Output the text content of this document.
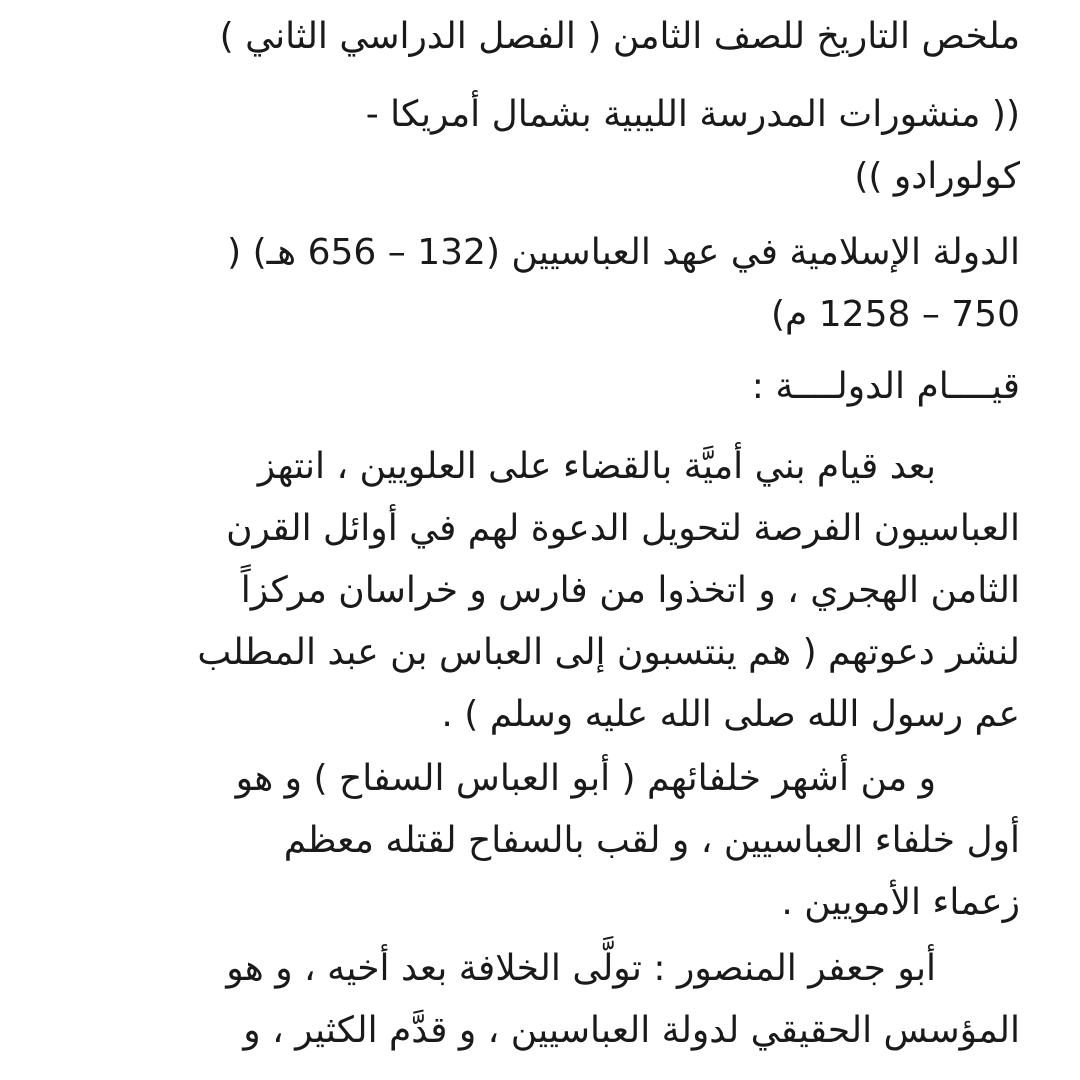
ملخص التاريخ للصف الثامن ( الفصل الدراسي الثاني )
(( منشورات المدرسة الليبية بشمال أمريكا -
كولورادو ))
الدولة الإسلامية في عهد العباسيين (132 – 656 هـ) (
750 – 1258 م)
قيــــام الدولــــة :
بعد قيام بني أميَّة بالقضاء على العلويين ، انتهز
العباسيون الفرصة لتحويل الدعوة لهم في أوائل القرن
الثامن الهجري ، و اتخذوا من فارس و خراسان مركزاً
لنشر دعوتهم ( هم ينتسبون إلى العباس بن عبد المطلب
عم رسول الله صلى الله عليه وسلم ) .
و من أشهر خلفائهم ( أبو العباس السفاح ) و هو
أول خلفاء العباسيين ، و لقب بالسفاح لقتله معظم
زعماء الأمويين .
أبو جعفر المنصور : تولَّى الخلافة بعد أخيه ، و هو
المؤسس الحقيقي لدولة العباسيين ، و قدَّم الكثير ، و
